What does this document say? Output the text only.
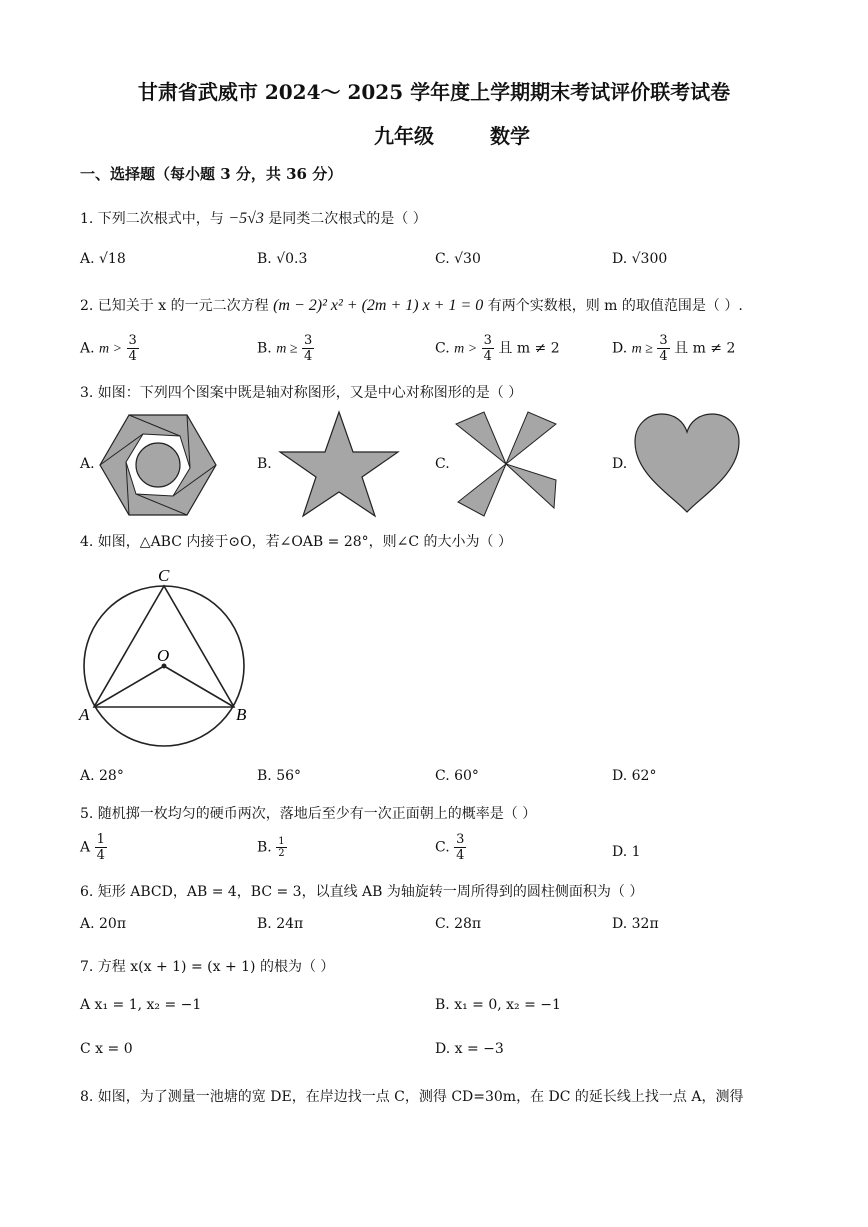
甘肃省武威市 2024～ 2025 学年度上学期期末考试评价联考试卷
九年级	数学
一、选择题（每小题 3 分，共 36 分）
1. 下列二次根式中，与 −5√3 是同类二次根式的是（ ）
A. √18	B. √0.3	C. √30	D. √300
2. 已知关于 x 的一元二次方程 (m − 2)² x² + (2m + 1) x + 1 = 0 有两个实数根，则 m 的取值范围是（ ）.
A. $m > \frac{3}{4}$	B. $m \ge \frac{3}{4}$	C. $m > \frac{3}{4}$ 且 m ≠ 2	D. $m \ge \frac{3}{4}$ 且 m ≠ 2
3. 如图：下列四个图案中既是轴对称图形，又是中心对称图形的是（ ）
A.	B.	C.	D.
4. 如图，△ABC 内接于⊙O，若∠OAB = 28°，则∠C 的大小为（ ）
C
O
A	B
A. 28°	B. 56°	C. 60°	D. 62°
5. 随机掷一枚均匀的硬币两次，落地后至少有一次正面朝上的概率是（ ）
A $\frac{1}{4}$	B. $\frac{1}{2}$	C. $\frac{3}{4}$	D. 1
6. 矩形 ABCD，AB = 4，BC = 3，以直线 AB 为轴旋转一周所得到的圆柱侧面积为（ ）
A. 20π	B. 24π	C. 28π	D. 32π
7. 方程 x(x + 1) = (x + 1) 的根为（ ）
A x₁ = 1, x₂ = −1	B. x₁ = 0, x₂ = −1
C x = 0	D. x = −3
8. 如图，为了测量一池塘的宽 DE，在岸边找一点 C，测得 CD=30m，在 DC 的延长线上找一点 A，测得
